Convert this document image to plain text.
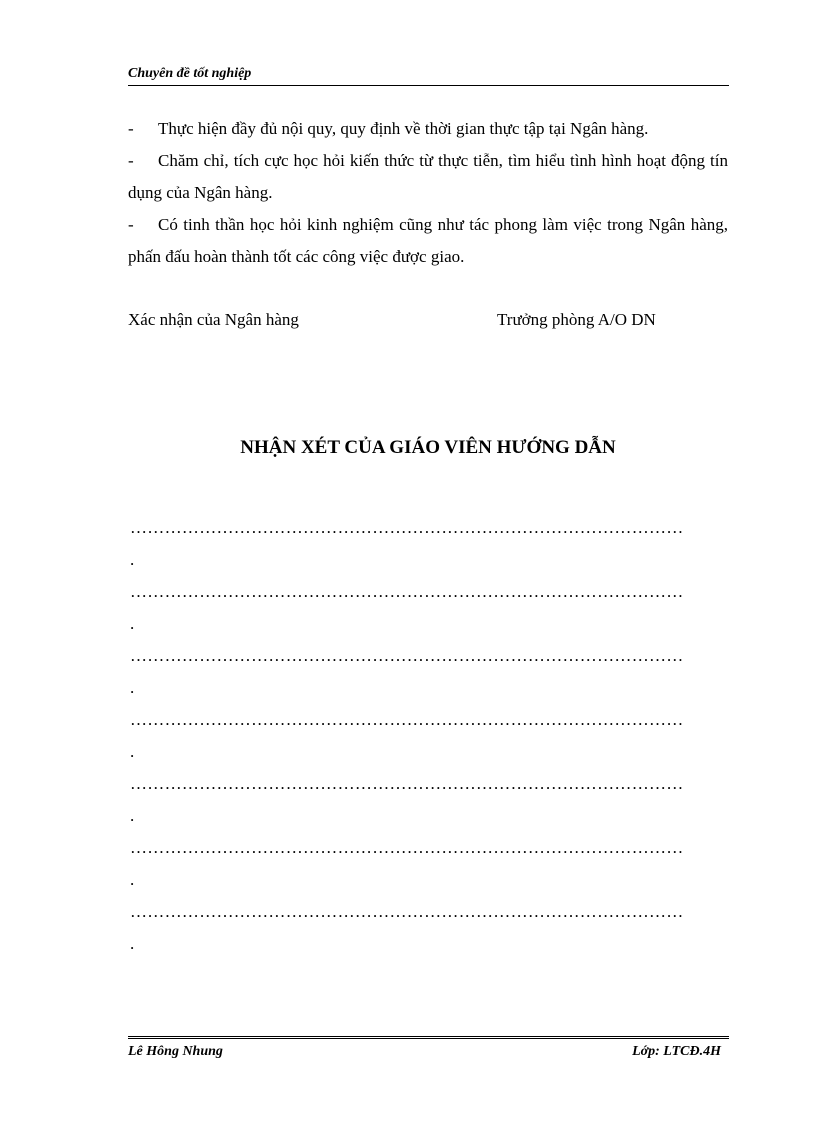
Chuyên đề tốt nghiệp

- Thực hiện đầy đủ nội quy, quy định về thời gian thực tập tại Ngân hàng.

- Chăm chỉ, tích cực học hỏi kiến thức từ thực tiễn, tìm hiểu tình hình hoạt động tín dụng của Ngân hàng.

- Có tinh thần học hỏi kinh nghiệm cũng như tác phong làm việc trong Ngân hàng, phấn đấu hoàn thành tốt các công việc được giao.

Xác nhận của Ngân hàng	Trưởng phòng A/O DN
NHẬN XÉT CỦA GIÁO VIÊN HƯỚNG DẪN
……………………………………………………………………………………
.
……………………………………………………………………………………
.
……………………………………………………………………………………
.
……………………………………………………………………………………
.
……………………………………………………………………………………
.
……………………………………………………………………………………
.
……………………………………………………………………………………
.
Lê Hông Nhung	Lớp: LTCĐ.4H
